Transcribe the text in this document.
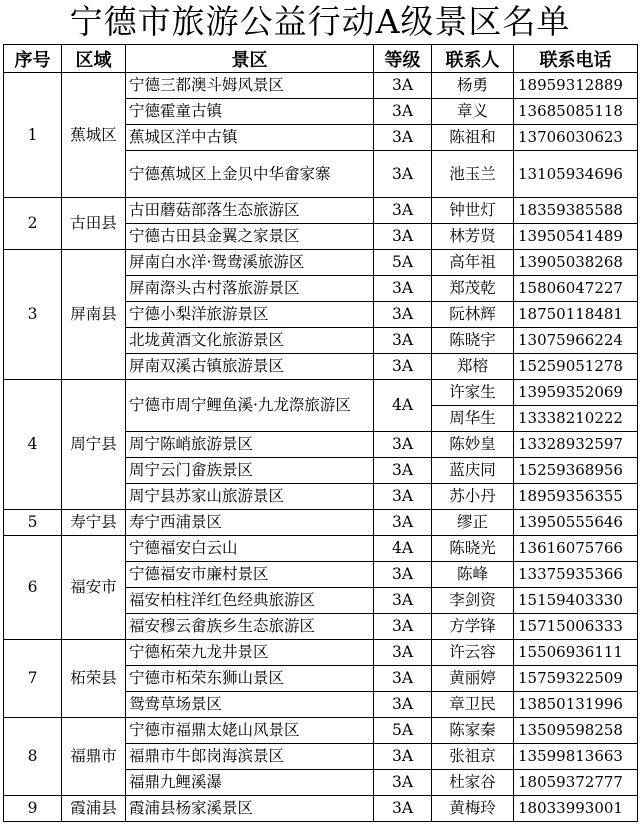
宁德市旅游公益行动A级景区名单
序号	区域	景区	等级	联系人	联系电话
1	蕉城区	宁德三都澳斗姆风景区	3A	杨勇	18959312889
		宁德霍童古镇	3A	章义	13685085118
		蕉城区洋中古镇	3A	陈祖和	13706030623
		宁德蕉城区上金贝中华畲家寨	3A	池玉兰	13105934696
2	古田县	古田蘑菇部落生态旅游区	3A	钟世灯	18359385588
		宁德古田县金翼之家景区	3A	林芳贤	13950541489
3	屏南县	屏南白水洋·鸳鸯溪旅游区	5A	高年祖	13905038268
		屏南漈头古村落旅游景区	3A	郑茂乾	15806047227
		宁德小梨洋旅游景区	3A	阮林辉	18750118481
		北垅黄酒文化旅游景区	3A	陈晓宇	13075966224
		屏南双溪古镇旅游景区	3A	郑榕	15259051278
4	周宁县	宁德市周宁鲤鱼溪·九龙漈旅游区	4A	许家生	13959352069
				周华生	13338210222
		周宁陈峭旅游景区	3A	陈妙皇	13328932597
		周宁云门畲族景区	3A	蓝庆同	15259368956
		周宁县苏家山旅游景区	3A	苏小丹	18959356355
5	寿宁县	寿宁西浦景区	3A	缪正	13950555646
6	福安市	宁德福安白云山	4A	陈晓光	13616075766
		宁德福安市廉村景区	3A	陈峰	13375935366
		福安柏柱洋红色经典旅游区	3A	李剑资	15159403330
		福安穆云畲族乡生态旅游区	3A	方学锋	15715006333
7	柘荣县	宁德柘荣九龙井景区	3A	许云容	15506936111
		宁德市柘荣东狮山景区	3A	黄丽婷	15759322509
		鸳鸯草场景区	3A	章卫民	13850131996
8	福鼎市	宁德市福鼎太姥山风景区	5A	陈家秦	13509598258
		福鼎市牛郎岗海滨景区	3A	张祖京	13599813663
		福鼎九鲤溪瀑	3A	杜家谷	18059372777
9	霞浦县	霞浦县杨家溪景区	3A	黄梅玲	18033993001
